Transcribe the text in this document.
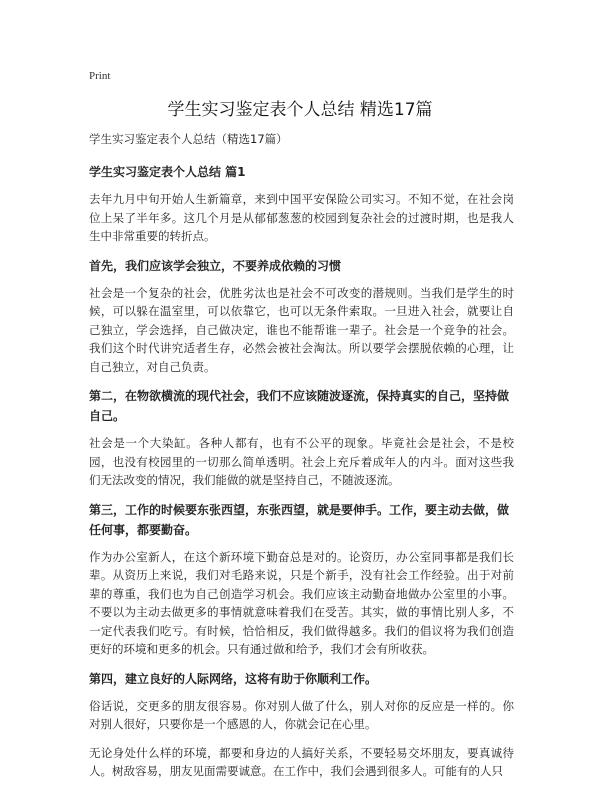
Print
学生实习鉴定表个人总结 精选17篇

学生实习鉴定表个人总结（精选17篇）

学生实习鉴定表个人总结 篇1

去年九月中旬开始人生新篇章，来到中国平安保险公司实习。不知不觉，在社会岗位上呆了半年多。这几个月是从郁郁葱葱的校园到复杂社会的过渡时期，也是我人生中非常重要的转折点。

首先，我们应该学会独立，不要养成依赖的习惯

社会是一个复杂的社会，优胜劣汰也是社会不可改变的潜规则。当我们是学生的时候，可以躲在温室里，可以依靠它，也可以无条件索取。一旦进入社会，就要让自己独立，学会选择，自己做决定，谁也不能帮谁一辈子。社会是一个竞争的社会。我们这个时代讲究适者生存，必然会被社会淘汰。所以要学会摆脱依赖的心理，让自己独立，对自己负责。

第二，在物欲横流的现代社会，我们不应该随波逐流，保持真实的自己，坚持做自己。

社会是一个大染缸。各种人都有，也有不公平的现象。毕竟社会是社会，不是校园，也没有校园里的一切那么简单透明。社会上充斥着成年人的内斗。面对这些我们无法改变的情况，我们能做的就是坚持自己，不随波逐流。

第三，工作的时候要东张西望，东张西望，就是要伸手。工作，要主动去做，做任何事，都要勤奋。

作为办公室新人，在这个新环境下勤奋总是对的。论资历，办公室同事都是我们长辈。从资历上来说，我们对毛路来说，只是个新手，没有社会工作经验。出于对前辈的尊重，我们也为自己创造学习机会。我们应该主动勤奋地做办公室里的小事。不要以为主动去做更多的事情就意味着我们在受苦。其实，做的事情比别人多，不一定代表我们吃亏。有时候，恰恰相反，我们做得越多。我们的倡议将为我们创造更好的环境和更多的机会。只有通过做和给予，我们才会有所收获。

第四，建立良好的人际网络，这将有助于你顺利工作。

俗话说，交更多的朋友很容易。你对别人做了什么，别人对你的反应是一样的。你对别人很好，只要你是一个感恩的人，你就会记在心里。

无论身处什么样的环境，都要和身边的人搞好关系，不要轻易交坏朋友，要真诚待人。树敌容易，朋友见面需要诚意。在工作中，我们会遇到很多人。可能有的人只
